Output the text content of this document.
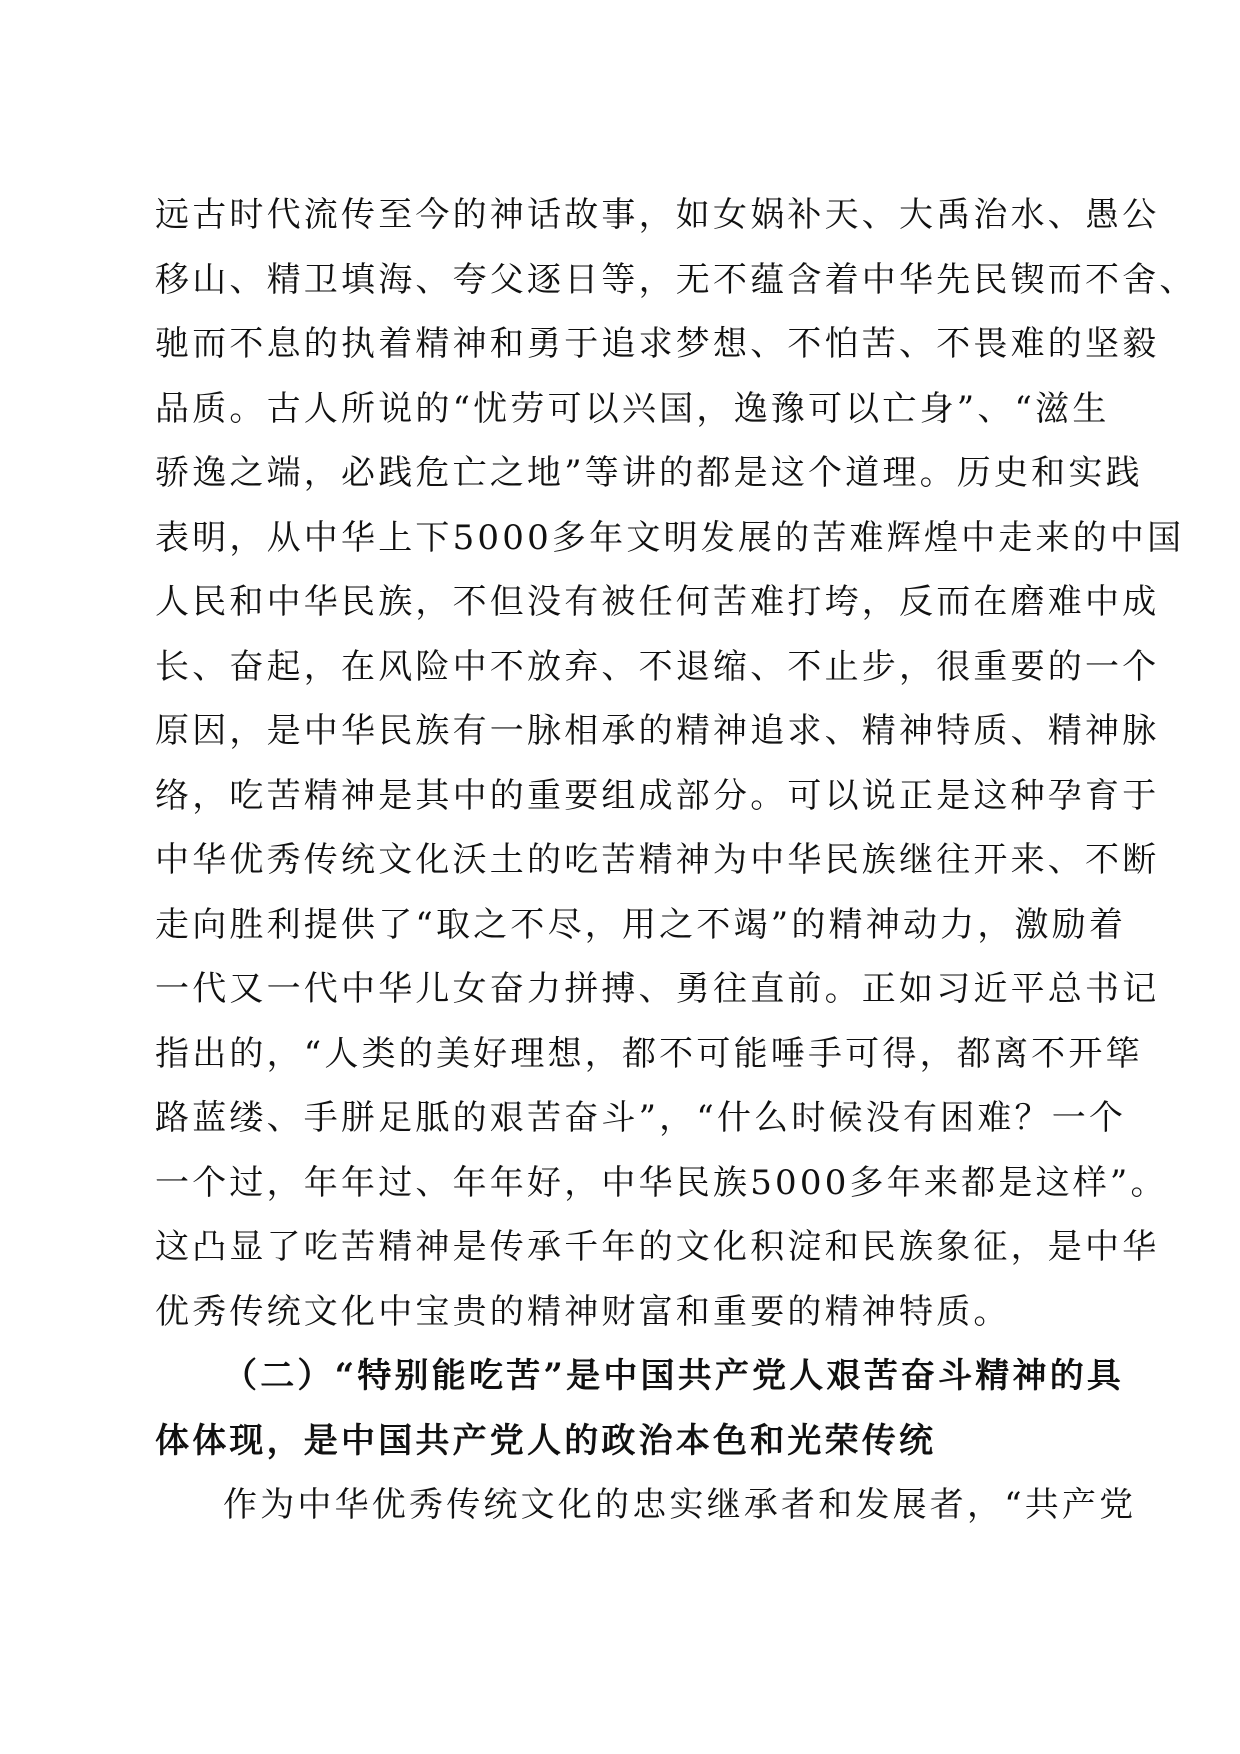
远古时代流传至今的神话故事，如女娲补天、大禹治水、愚公
移山、精卫填海、夸父逐日等，无不蕴含着中华先民锲而不舍、
驰而不息的执着精神和勇于追求梦想、不怕苦、不畏难的坚毅
品质。古人所说的“忧劳可以兴国，逸豫可以亡身”、“滋生
骄逸之端，必践危亡之地”等讲的都是这个道理。历史和实践
表明，从中华上下5000多年文明发展的苦难辉煌中走来的中国
人民和中华民族，不但没有被任何苦难打垮，反而在磨难中成
长、奋起，在风险中不放弃、不退缩、不止步，很重要的一个
原因，是中华民族有一脉相承的精神追求、精神特质、精神脉
络，吃苦精神是其中的重要组成部分。可以说正是这种孕育于
中华优秀传统文化沃土的吃苦精神为中华民族继往开来、不断
走向胜利提供了“取之不尽，用之不竭”的精神动力，激励着
一代又一代中华儿女奋力拼搏、勇往直前。正如习近平总书记
指出的，“人类的美好理想，都不可能唾手可得，都离不开筚
路蓝缕、手胼足胝的艰苦奋斗”，“什么时候没有困难？一个
一个过，年年过、年年好，中华民族5000多年来都是这样”。
这凸显了吃苦精神是传承千年的文化积淀和民族象征，是中华
优秀传统文化中宝贵的精神财富和重要的精神特质。
（二）“特别能吃苦”是中国共产党人艰苦奋斗精神的具
体体现，是中国共产党人的政治本色和光荣传统
作为中华优秀传统文化的忠实继承者和发展者，“共产党
